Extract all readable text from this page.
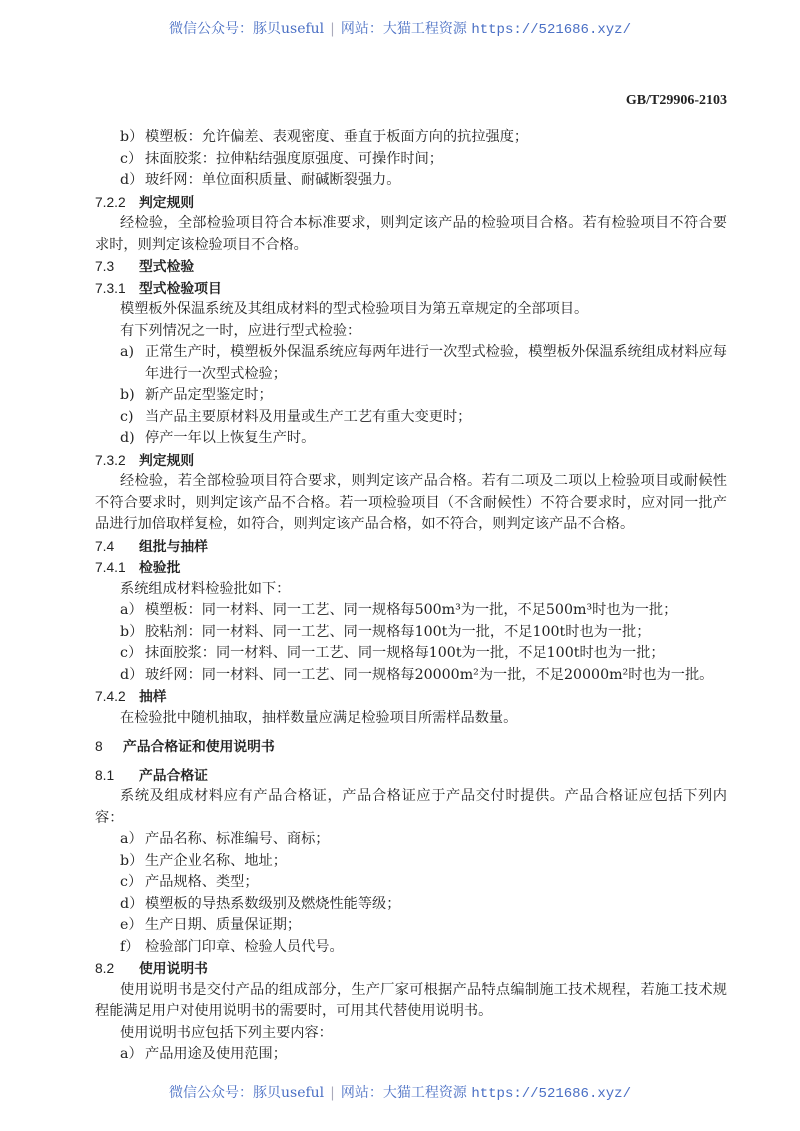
微信公众号：豚贝useful | 网站：大猫工程资源 https://521686.xyz/
GB/T29906-2103
b） 模塑板：允许偏差、表观密度、垂直于板面方向的抗拉强度；
c） 抹面胶浆：拉伸粘结强度原强度、可操作时间；
d） 玻纤网：单位面积质量、耐碱断裂强力。
7.2.2 判定规则
经检验，全部检验项目符合本标准要求，则判定该产品的检验项目合格。若有检验项目不符合要求时，则判定该检验项目不合格。
7.3 型式检验
7.3.1 型式检验项目
模塑板外保温系统及其组成材料的型式检验项目为第五章规定的全部项目。
有下列情况之一时，应进行型式检验：
a) 正常生产时，模塑板外保温系统应每两年进行一次型式检验，模塑板外保温系统组成材料应每年进行一次型式检验；
b) 新产品定型鉴定时；
c) 当产品主要原材料及用量或生产工艺有重大变更时；
d) 停产一年以上恢复生产时。
7.3.2 判定规则
经检验，若全部检验项目符合要求，则判定该产品合格。若有二项及二项以上检验项目或耐候性不符合要求时，则判定该产品不合格。若一项检验项目（不含耐候性）不符合要求时，应对同一批产品进行加倍取样复检，如符合，则判定该产品合格，如不符合，则判定该产品不合格。
7.4 组批与抽样
7.4.1 检验批
系统组成材料检验批如下：
a） 模塑板：同一材料、同一工艺、同一规格每500m³为一批，不足500m³时也为一批；
b） 胶粘剂：同一材料、同一工艺、同一规格每100t为一批，不足100t时也为一批；
c） 抹面胶浆：同一材料、同一工艺、同一规格每100t为一批，不足100t时也为一批；
d） 玻纤网：同一材料、同一工艺、同一规格每20000m²为一批，不足20000m²时也为一批。
7.4.2 抽样
在检验批中随机抽取，抽样数量应满足检验项目所需样品数量。
8 产品合格证和使用说明书
8.1 产品合格证
系统及组成材料应有产品合格证，产品合格证应于产品交付时提供。产品合格证应包括下列内容：
a） 产品名称、标准编号、商标；
b） 生产企业名称、地址；
c） 产品规格、类型；
d） 模塑板的导热系数级别及燃烧性能等级；
e） 生产日期、质量保证期；
f） 检验部门印章、检验人员代号。
8.2 使用说明书
使用说明书是交付产品的组成部分，生产厂家可根据产品特点编制施工技术规程，若施工技术规程能满足用户对使用说明书的需要时，可用其代替使用说明书。
使用说明书应包括下列主要内容：
a） 产品用途及使用范围；
微信公众号：豚贝useful | 网站：大猫工程资源 https://521686.xyz/
